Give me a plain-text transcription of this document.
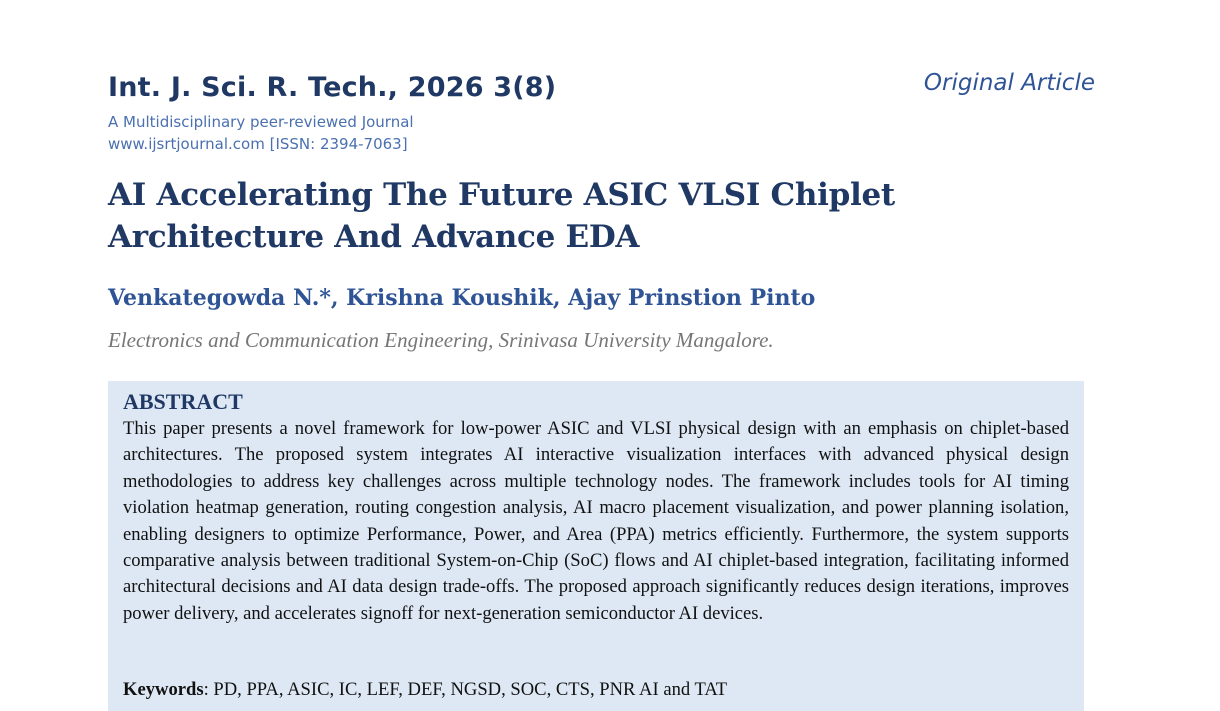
Int. J. Sci. R. Tech., 2026 3(8)	Original Article
A Multidisciplinary peer-reviewed Journal
www.ijsrtjournal.com [ISSN: 2394-7063]
AI Accelerating The Future ASIC VLSI Chiplet Architecture And Advance EDA
Venkategowda N.*, Krishna Koushik, Ajay Prinstion Pinto
Electronics and Communication Engineering, Srinivasa University Mangalore.
ABSTRACT

This paper presents a novel framework for low-power ASIC and VLSI physical design with an emphasis on chiplet-based architectures. The proposed system integrates AI interactive visualization interfaces with advanced physical design methodologies to address key challenges across multiple technology nodes. The framework includes tools for AI timing violation heatmap generation, routing congestion analysis, AI macro placement visualization, and power planning isolation, enabling designers to optimize Performance, Power, and Area (PPA) metrics efficiently. Furthermore, the system supports comparative analysis between traditional System-on-Chip (SoC) flows and AI chiplet-based integration, facilitating informed architectural decisions and AI data design trade-offs. The proposed approach significantly reduces design iterations, improves power delivery, and accelerates signoff for next-generation semiconductor AI devices.

Keywords: PD, PPA, ASIC, IC, LEF, DEF, NGSD, SOC, CTS, PNR AI and TAT
